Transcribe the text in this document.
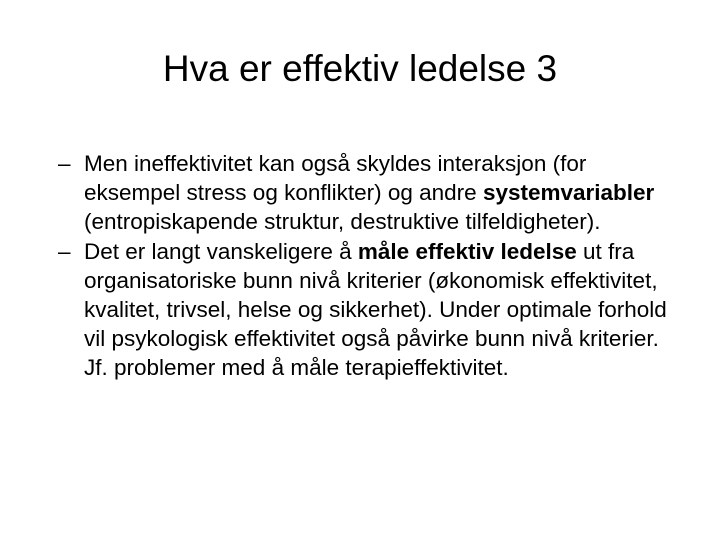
Hva er effektiv ledelse 3
– Men ineffektivitet kan også skyldes interaksjon (for eksempel stress og konflikter) og andre systemvariabler (entropiskapende struktur, destruktive tilfeldigheter).
– Det er langt vanskeligere å måle effektiv ledelse ut fra organisatoriske bunn nivå kriterier (økonomisk effektivitet, kvalitet, trivsel, helse og sikkerhet). Under optimale forhold vil psykologisk effektivitet også påvirke bunn nivå kriterier. Jf. problemer med å måle terapieffektivitet.
